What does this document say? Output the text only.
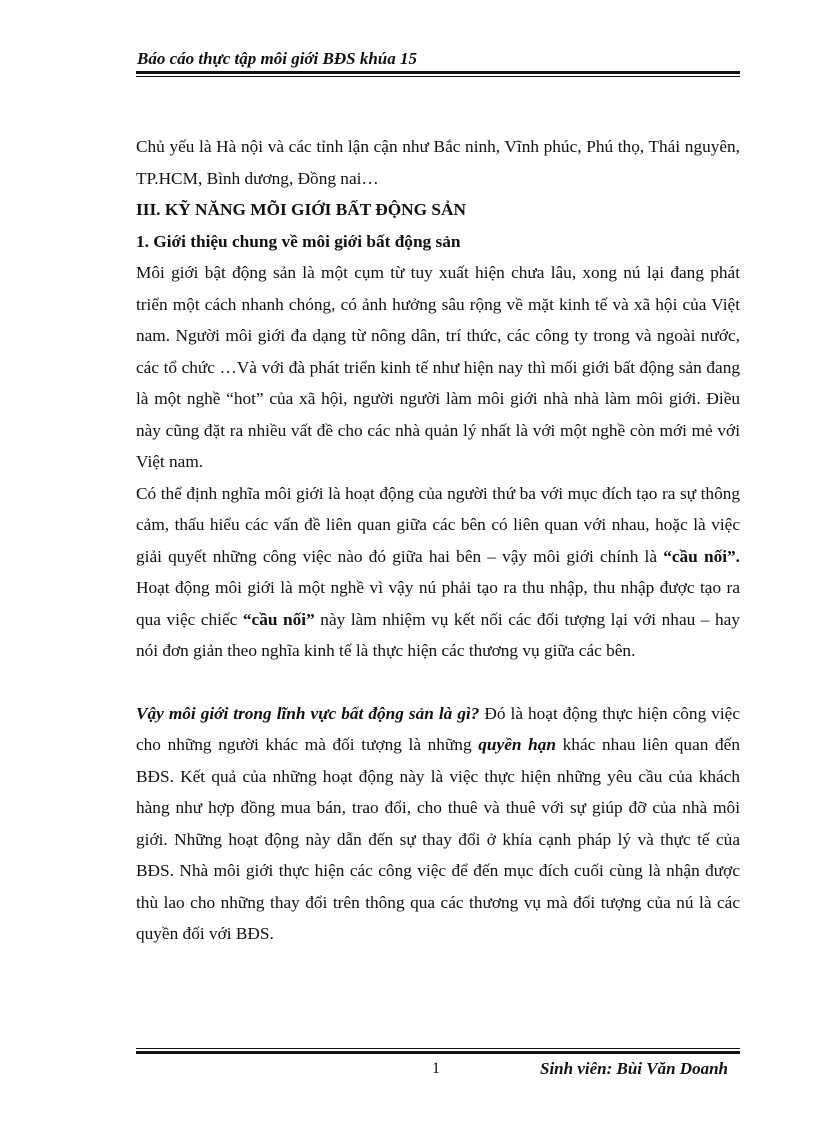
Báo cáo thực tập môi giới BĐS khúa 15

Chủ yếu là Hà nội và các tỉnh lận cận như Bắc ninh, Vĩnh phúc, Phú thọ, Thái nguyên, TP.HCM, Bình dương, Đồng nai…

III. KỸ NĂNG MÕI GIỚI BẤT ĐỘNG SẢN

1. Giới thiệu chung về môi giới bất động sản

Môi giới bật động sản là một cụm từ tuy xuất hiện chưa lâu, xong nú lại đang phát triển một cách nhanh chóng, có ảnh hưởng sâu rộng về mặt kinh tế và xã hội của Việt nam. Người môi giới đa dạng từ nông dân, trí thức, các công ty trong và ngoài nước, các tổ chức …Và với đà phát triển kinh tế như hiện nay thì mối giới bất động sản đang là một nghề “hot” của xã hội, người người làm môi giới nhà nhà làm môi giới. Điều này cũng đặt ra nhiều vất đề cho các nhà quản lý nhất là với một nghề còn mới mẻ với Việt nam.

Có thể định nghĩa môi giới là hoạt động của người thứ ba với mục đích tạo ra sự thông cảm, thấu hiểu các vấn đề liên quan giữa các bên có liên quan với nhau, hoặc là việc giải quyết những công việc nào đó giữa hai bên – vậy môi giới chính là “cầu nối”. Hoạt động môi giới là một nghề vì vậy nú phải tạo ra thu nhập, thu nhập được tạo ra qua việc chiếc “cầu nối” này làm nhiệm vụ kết nối các đối tượng lại với nhau – hay nói đơn giản theo nghĩa kinh tế là thực hiện các thương vụ giữa các bên.

Vậy môi giới trong lĩnh vực bất động sản là gì? Đó là hoạt động thực hiện công việc cho những người khác mà đối tượng là những quyền hạn khác nhau liên quan đến BĐS. Kết quả của những hoạt động này là việc thực hiện những yêu cầu của khách hàng như hợp đồng mua bán, trao đổi, cho thuê và thuê với sự giúp đỡ của nhà môi giới. Những hoạt động này dẫn đến sự thay đổi ở khía cạnh pháp lý và thực tế của BĐS. Nhà môi giới thực hiện các công việc để đến mục đích cuối cùng là nhận được thù lao cho những thay đổi trên thông qua các thương vụ mà đối tượng của nú là các quyền đối với BĐS.

1	Sinh viên: Bùi Văn Doanh
